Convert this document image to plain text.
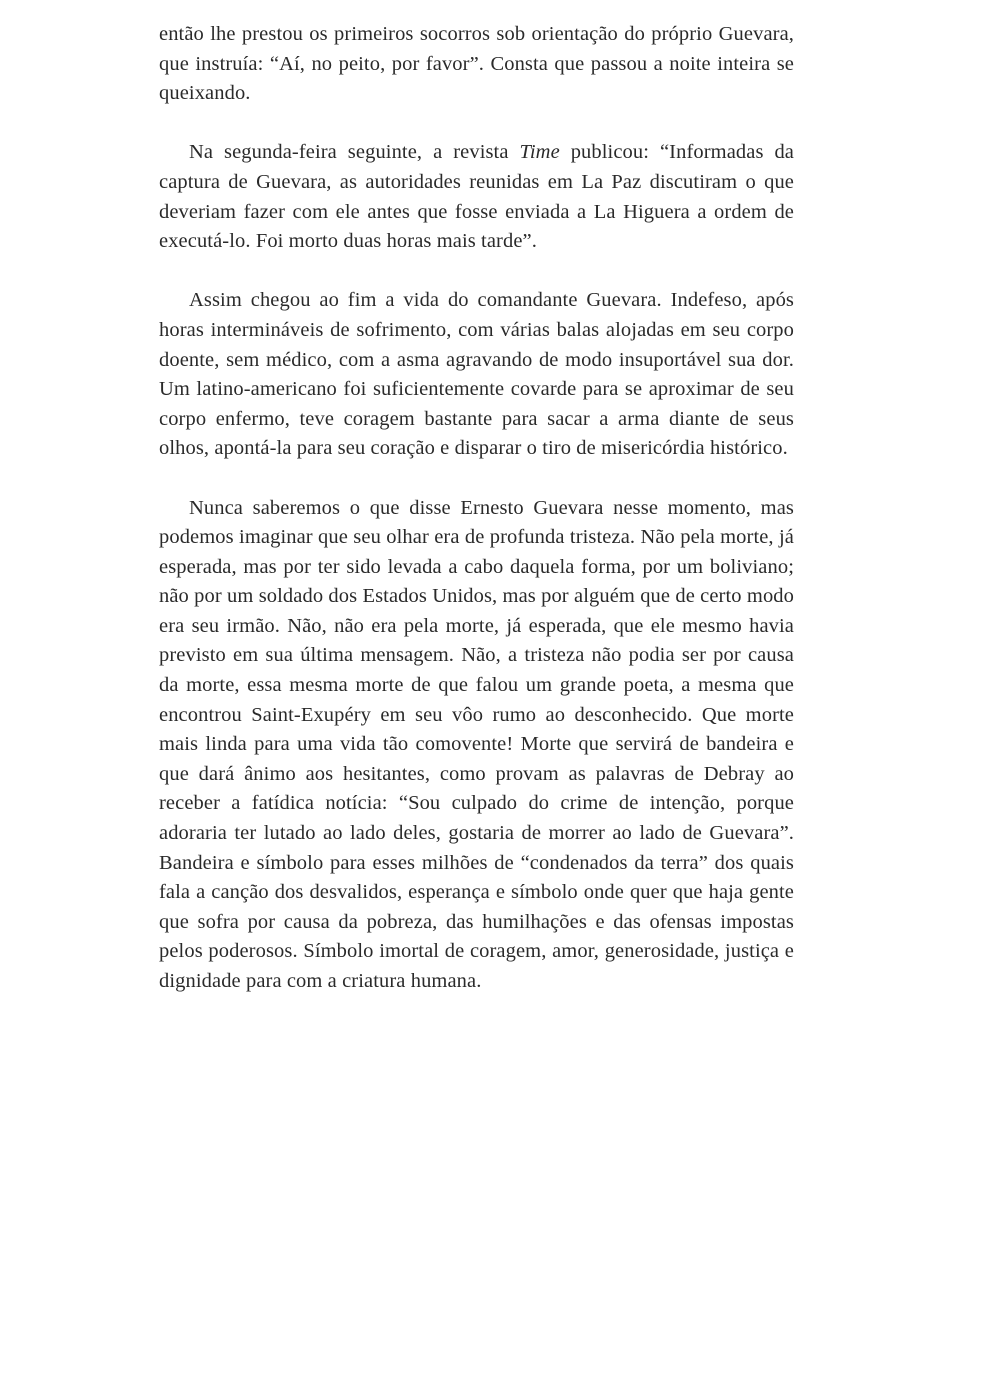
então lhe prestou os primeiros socorros sob orientação do próprio Guevara, que instruía: “Aí, no peito, por favor”. Consta que passou a noite inteira se queixando.

Na segunda-feira seguinte, a revista Time publicou: “Informadas da captura de Guevara, as autoridades reunidas em La Paz discutiram o que deveriam fazer com ele antes que fosse enviada a La Higuera a ordem de executá-lo. Foi morto duas horas mais tarde”.

Assim chegou ao fim a vida do comandante Guevara. Indefeso, após horas intermináveis de sofrimento, com várias balas alojadas em seu corpo doente, sem médico, com a asma agravando de modo insuportável sua dor. Um latino-americano foi suficientemente covarde para se aproximar de seu corpo enfermo, teve coragem bastante para sacar a arma diante de seus olhos, apontá-la para seu coração e disparar o tiro de misericórdia histórico.

Nunca saberemos o que disse Ernesto Guevara nesse momento, mas podemos imaginar que seu olhar era de profunda tristeza. Não pela morte, já esperada, mas por ter sido levada a cabo daquela forma, por um boliviano; não por um soldado dos Estados Unidos, mas por alguém que de certo modo era seu irmão. Não, não era pela morte, já esperada, que ele mesmo havia previsto em sua última mensagem. Não, a tristeza não podia ser por causa da morte, essa mesma morte de que falou um grande poeta, a mesma que encontrou Saint-Exupéry em seu vôo rumo ao desconhecido. Que morte mais linda para uma vida tão comovente! Morte que servirá de bandeira e que dará ânimo aos hesitantes, como provam as palavras de Debray ao receber a fatídica notícia: “Sou culpado do crime de intenção, porque adoraria ter lutado ao lado deles, gostaria de morrer ao lado de Guevara”. Bandeira e símbolo para esses milhões de “condenados da terra” dos quais fala a canção dos desvalidos, esperança e símbolo onde quer que haja gente que sofra por causa da pobreza, das humilhações e das ofensas impostas pelos poderosos. Símbolo imortal de coragem, amor, generosidade, justiça e dignidade para com a criatura humana.
